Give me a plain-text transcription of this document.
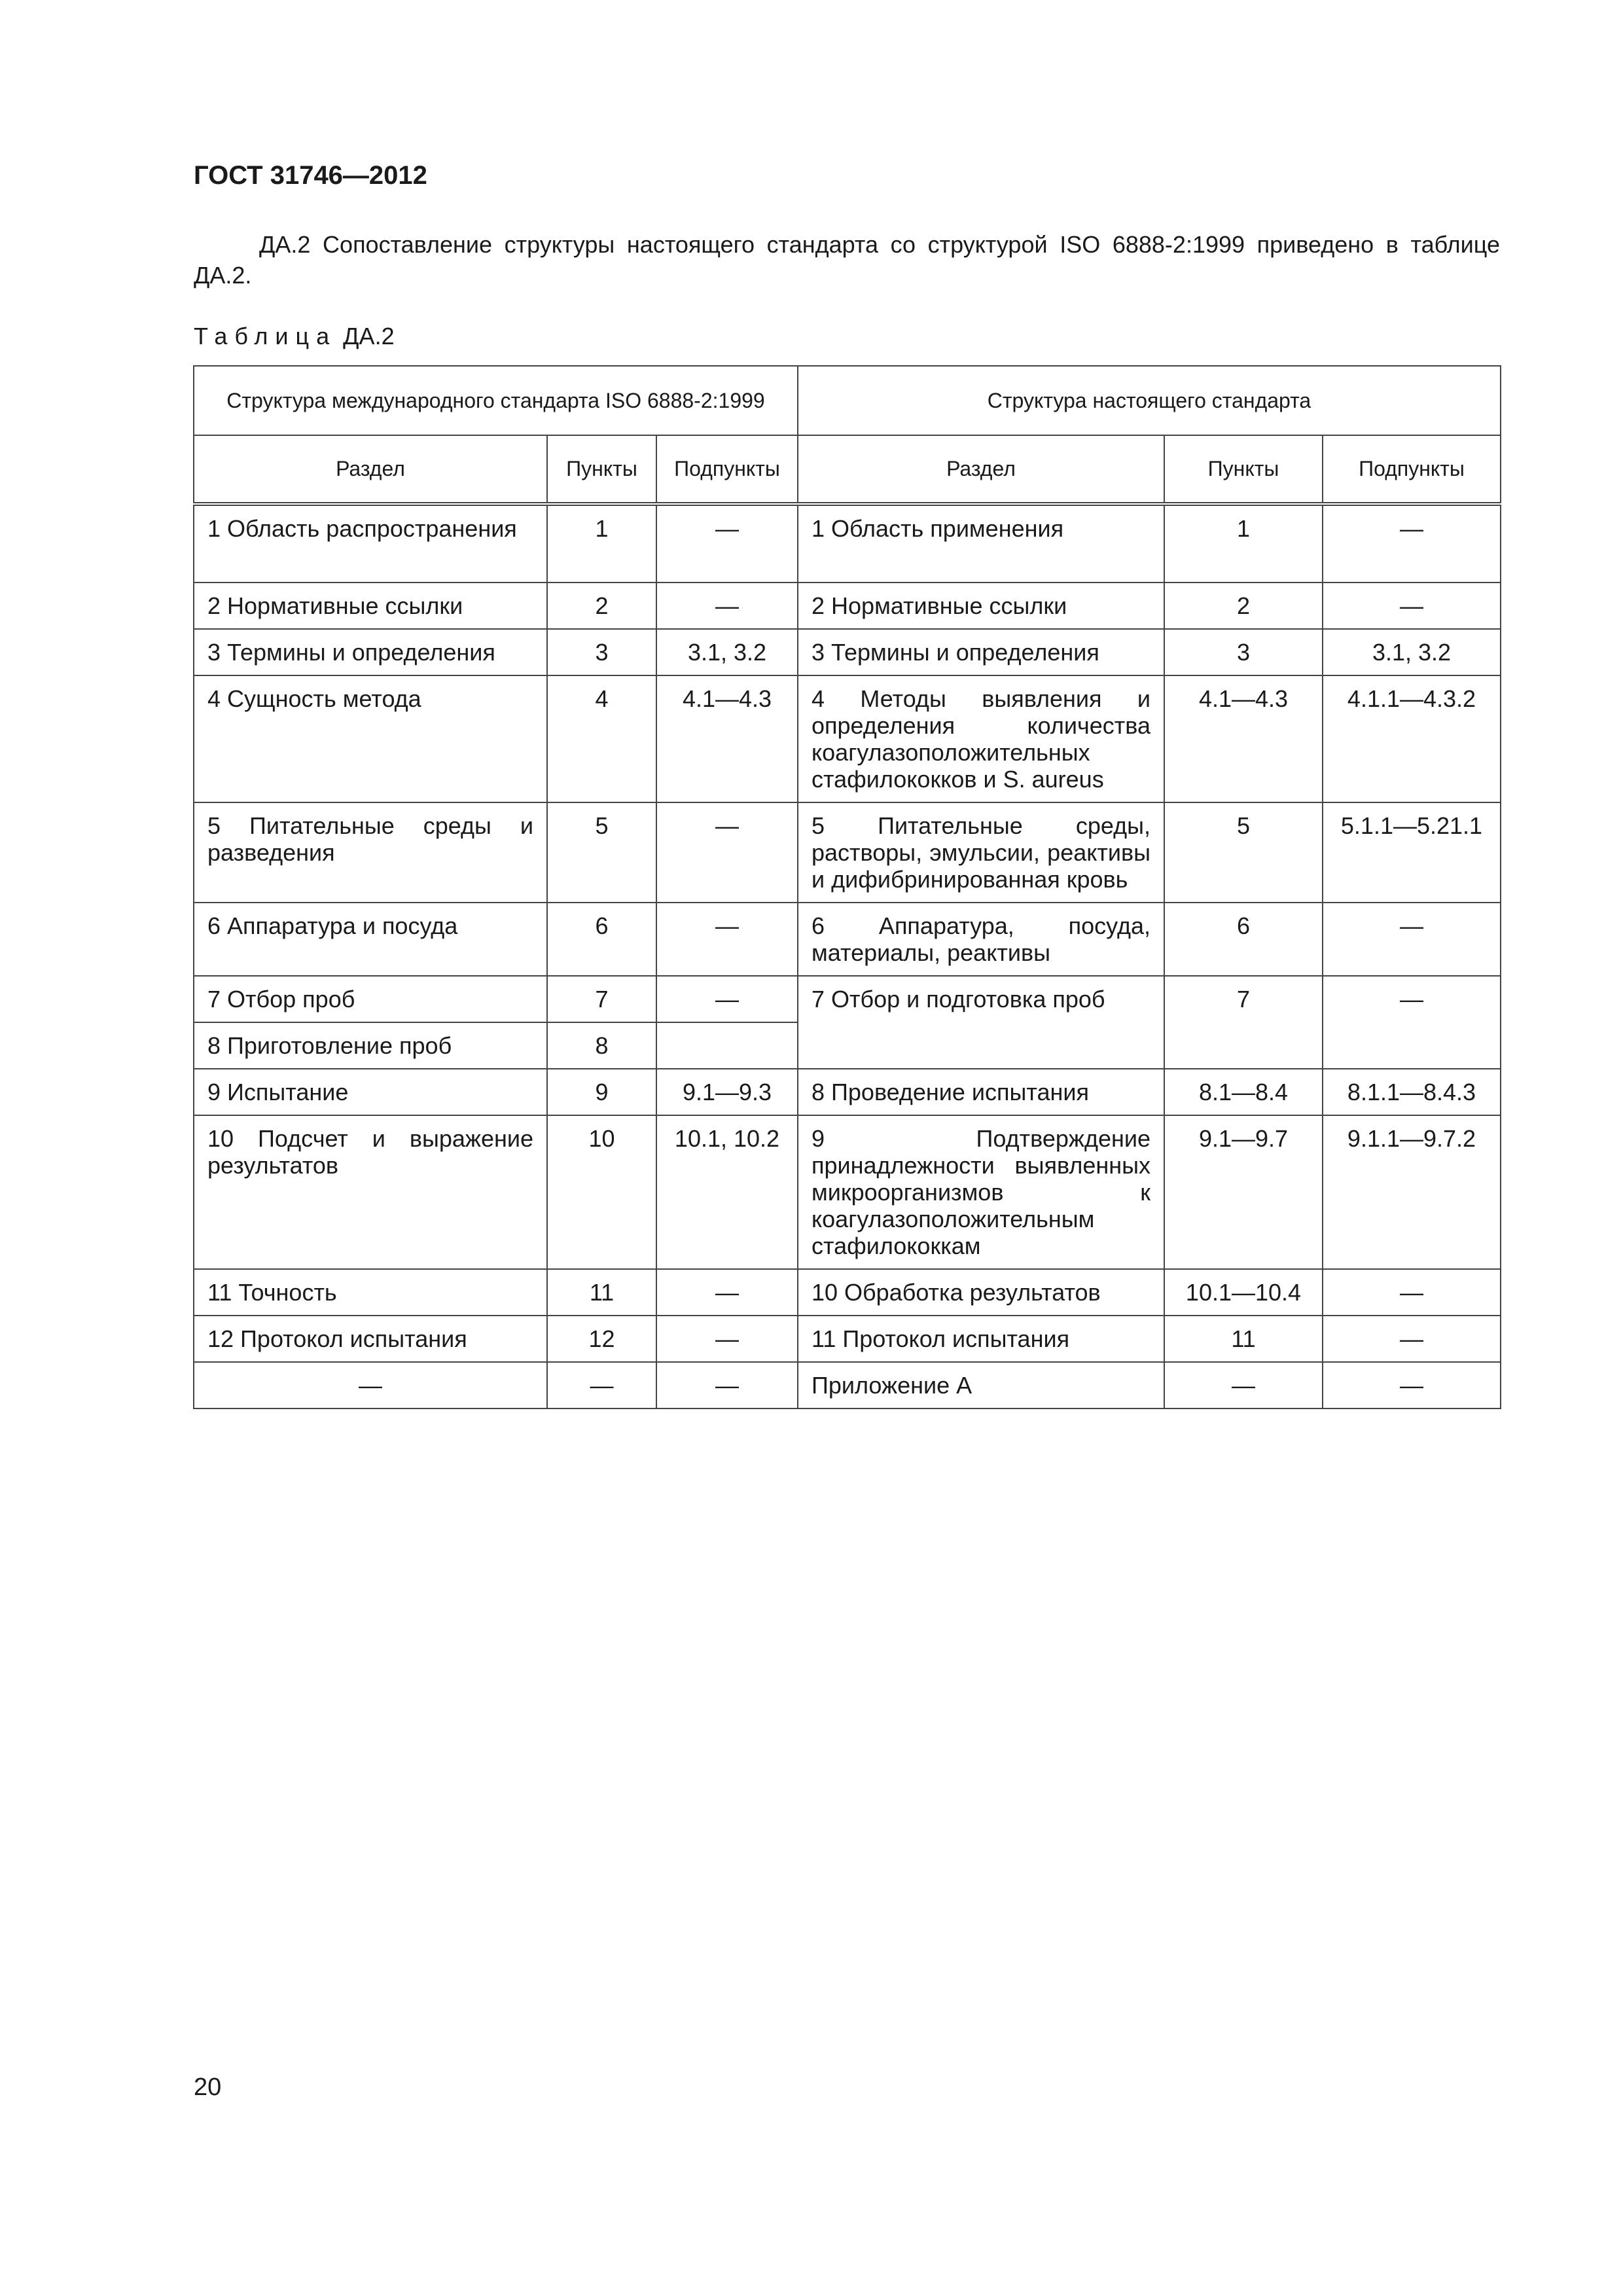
ГОСТ 31746—2012
ДА.2 Сопоставление структуры настоящего стандарта со структурой ISO 6888-2:1999 приведено в таблице ДА.2.
Таблица ДА.2
Структура международного стандарта ISO 6888-2:1999			Структура настоящего стандарта		
Раздел	Пункты	Подпункты	Раздел	Пункты	Подпункты
1 Область распространения	1	—	1 Область применения	1	—
2 Нормативные ссылки	2	—	2 Нормативные ссылки	2	—
3 Термины и определения	3	3.1, 3.2	3 Термины и определения	3	3.1, 3.2
4 Сущность метода	4	4.1—4.3	4 Методы выявления и определения количества коагулазоположительных стафилококков и S. aureus	4.1—4.3	4.1.1—4.3.2
5 Питательные среды и разведения	5	—	5 Питательные среды, растворы, эмульсии, реактивы и дифибринированная кровь	5	5.1.1—5.21.1
6 Аппаратура и посуда	6	—	6 Аппаратура, посуда, материалы, реактивы	6	—
7 Отбор проб	7	—	7 Отбор и подготовка проб	7	—
8 Приготовление проб	8				
9 Испытание	9	9.1—9.3	8 Проведение испытания	8.1—8.4	8.1.1—8.4.3
10 Подсчет и выражение результатов	10	10.1, 10.2	9 Подтверждение принадлежности выявленных микроорганизмов к коагулазоположительным стафилококкам	9.1—9.7	9.1.1—9.7.2
11 Точность	11	—	10 Обработка результатов	10.1—10.4	—
12 Протокол испытания	12	—	11 Протокол испытания	11	—
—	—	—	Приложение А	—	—
20
